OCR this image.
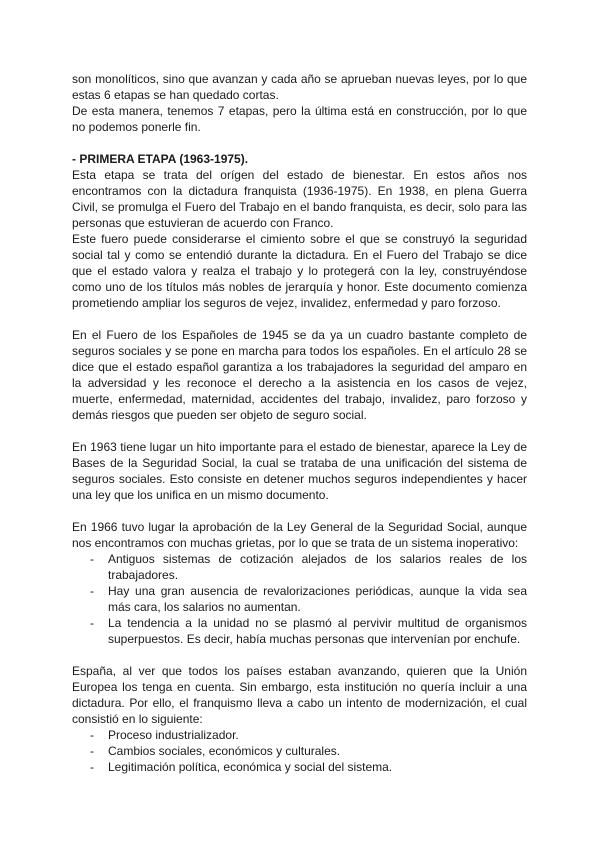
son monolíticos, sino que avanzan y cada año se aprueban nuevas leyes, por lo que estas 6 etapas se han quedado cortas.

De esta manera, tenemos 7 etapas, pero la última está en construcción, por lo que no podemos ponerle fin.

- PRIMERA ETAPA (1963-1975).

Esta etapa se trata del orígen del estado de bienestar. En estos años nos encontramos con la dictadura franquista (1936-1975). En 1938, en plena Guerra Civil, se promulga el Fuero del Trabajo en el bando franquista, es decir, solo para las personas que estuvieran de acuerdo con Franco.

Este fuero puede considerarse el cimiento sobre el que se construyó la seguridad social tal y como se entendió durante la dictadura. En el Fuero del Trabajo se dice que el estado valora y realza el trabajo y lo protegerá con la ley, construyéndose como uno de los títulos más nobles de jerarquía y honor. Este documento comienza prometiendo ampliar los seguros de vejez, invalidez, enfermedad y paro forzoso.

En el Fuero de los Españoles de 1945 se da ya un cuadro bastante completo de seguros sociales y se pone en marcha para todos los españoles. En el artículo 28 se dice que el estado español garantiza a los trabajadores la seguridad del amparo en la adversidad y les reconoce el derecho a la asistencia en los casos de vejez, muerte, enfermedad, maternidad, accidentes del trabajo, invalidez, paro forzoso y demás riesgos que pueden ser objeto de seguro social.

En 1963 tiene lugar un hito importante para el estado de bienestar, aparece la Ley de Bases de la Seguridad Social, la cual se trataba de una unificación del sistema de seguros sociales. Esto consiste en detener muchos seguros independientes y hacer una ley que los unifica en un mismo documento.

En 1966 tuvo lugar la aprobación de la Ley General de la Seguridad Social, aunque nos encontramos con muchas grietas, por lo que se trata de un sistema inoperativo:

- Antiguos sistemas de cotización alejados de los salarios reales de los trabajadores.
- Hay una gran ausencia de revalorizaciones periódicas, aunque la vida sea más cara, los salarios no aumentan.
- La tendencia a la unidad no se plasmó al pervivir multitud de organismos superpuestos. Es decir, había muchas personas que intervenían por enchufe.

España, al ver que todos los países estaban avanzando, quieren que la Unión Europea los tenga en cuenta. Sin embargo, esta institución no quería incluir a una dictadura. Por ello, el franquismo lleva a cabo un intento de modernización, el cual consistió en lo siguiente:

- Proceso industrializador.
- Cambios sociales, económicos y culturales.
- Legitimación política, económica y social del sistema.
